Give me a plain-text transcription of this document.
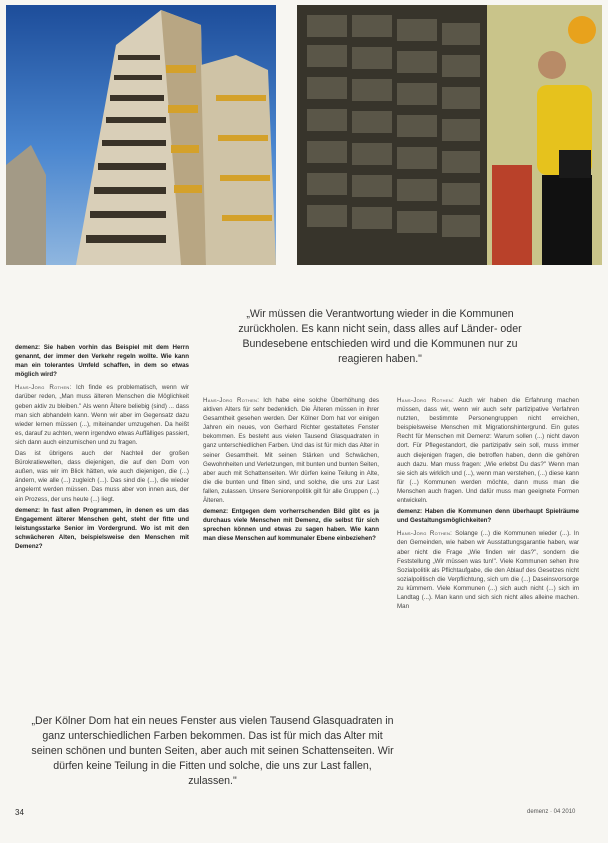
„Wir müssen die Verantwortung wieder in die Kommunen zurückholen. Es kann nicht sein, dass alles auf Länder- oder Bundesebene entschieden wird und die Kommunen nur zu reagieren haben."

demenz: Sie haben vorhin das Beispiel mit dem Herrn genannt, der immer den Verkehr regeln wollte. Wie kann man ein tolerantes Umfeld schaffen, in dem so etwas möglich wird?

Hans-Jörg Rothen: Ich finde es problematisch, wenn wir darüber reden, „Man muss älteren Menschen die Möglichkeit geben aktiv zu bleiben." Als wenn Ältere beliebig (sind) ... dass man sich abhandeln kann. Wenn wir aber im Gegensatz dazu wieder lernen müssen (...), miteinander umzugehen. Da heißt es, darauf zu achten, wenn irgendwo etwas Auffälliges passiert, sich dann auch einzumischen und zu fragen.

Das ist übrigens auch der Nachteil der großen Bürokratiewelten, dass diejenigen, die auf den Dom von außen, was wir im Blick hätten, wie auch diejenigen, die (...) ändern, wie alle (...) zugleich (...). Das sind die (...), die wieder angelernt werden müssen. Das muss aber von innen aus, der ein Prozess, der uns heute (...) liegt.

demenz: In fast allen Programmen, in denen es um das Engagement älterer Menschen geht, steht der fitte und leistungsstarke Senior im Vordergrund. Wo ist mit den schwächeren Alten, beispielsweise den Menschen mit Demenz?

Hans-Jörg Rothen: Ich habe eine solche Überhöhung des aktiven Alters für sehr bedenklich. Die Älteren müssen in ihrer Gesamtheit gesehen werden. Der Kölner Dom hat vor einigen Jahren ein neues, von Gerhard Richter gestaltetes Fenster bekommen. Es besteht aus vielen Tausend Glasquadraten in ganz unterschiedlichen Farben. Und das ist für mich das Alter in seiner Gesamtheit. Mit seinen Stärken und Schwächen, Gewohnheiten und Verletzungen, mit bunten und bunten Seiten, aber auch mit Schattenseiten. Wir dürfen keine Teilung in Alte, die die bunten und fitten sind, und solche, die uns zur Last fallen, zulassen. Unsere Seniorenpolitik gilt für alle Gruppen (...) Älteren.

demenz: Entgegen dem vorherrschenden Bild gibt es ja durchaus viele Menschen mit Demenz, die selbst für sich sprechen können und etwas zu sagen haben. Wie kann man diese Menschen auf kommunaler Ebene einbeziehen?

Hans-Jörg Rothen: Auch wir haben die Erfahrung machen müssen, dass wir, wenn wir auch sehr partizipative Verfahren nutzten, bestimmte Personengruppen nicht erreichen, beispielsweise Menschen mit Migrationshintergrund. Ein gutes Recht für Menschen mit Demenz: Warum sollen (...) nicht davon dort. Für Pflegestandort, die partizipativ sein soll, muss immer auch diejenigen fragen, die betroffen haben, denn die gehören auch dazu. Man muss fragen: „Wie erlebst Du das?" Wenn man sie sich als wirklich und (...), wenn man verstehen, (...) diese kann für (...) Kommunen werden möchte, dann muss man die Menschen auch fragen. Und dafür muss man geeignete Formen entwickeln.

demenz: Haben die Kommunen denn überhaupt Spielräume und Gestaltungsmöglichkeiten?

Hans-Jörg Rothen: Solange (...) die Kommunen wieder (...). In den Gemeinden, wie haben wir Ausstattungsgarantie haben, war aber nicht die Frage „Wie finden wir das?", sondern die Feststellung „Wir müssen was tun!". Viele Kommunen sehen ihre Sozialpolitik als Pflichtaufgabe, die den Ablauf des Gesetzes nicht sozialpolitisch die Verpflichtung, sich um die (...) Daseinsvorsorge zu kümmern. Viele Kommunen (...) sich auch nicht (...) sich im Landtag (...). Man kann und sich sich nicht alles alleine machen. Man

„Der Kölner Dom hat ein neues Fenster aus vielen Tausend Glasquadraten in ganz unterschiedlichen Farben bekommen. Das ist für mich das Alter mit seinen schönen und bunten Seiten, aber auch mit seinen Schattenseiten. Wir dürfen keine Teilung in die Fitten und solche, die uns zur Last fallen, zulassen."
34	demenz · 04 2010
